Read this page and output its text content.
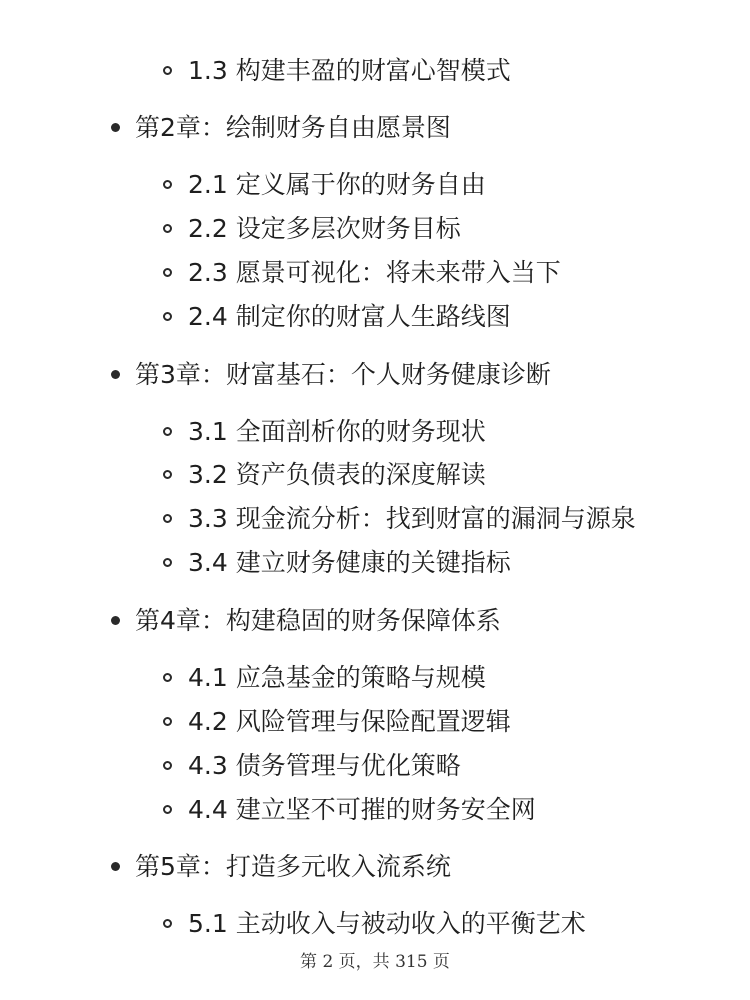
1.3 构建丰盈的财富心智模式
第2章：绘制财务自由愿景图
2.1 定义属于你的财务自由
2.2 设定多层次财务目标
2.3 愿景可视化：将未来带入当下
2.4 制定你的财富人生路线图
第3章：财富基石：个人财务健康诊断
3.1 全面剖析你的财务现状
3.2 资产负债表的深度解读
3.3 现金流分析：找到财富的漏洞与源泉
3.4 建立财务健康的关键指标
第4章：构建稳固的财务保障体系
4.1 应急基金的策略与规模
4.2 风险管理与保险配置逻辑
4.3 债务管理与优化策略
4.4 建立坚不可摧的财务安全网
第5章：打造多元收入流系统
5.1 主动收入与被动收入的平衡艺术
第 2 页，共 315 页
